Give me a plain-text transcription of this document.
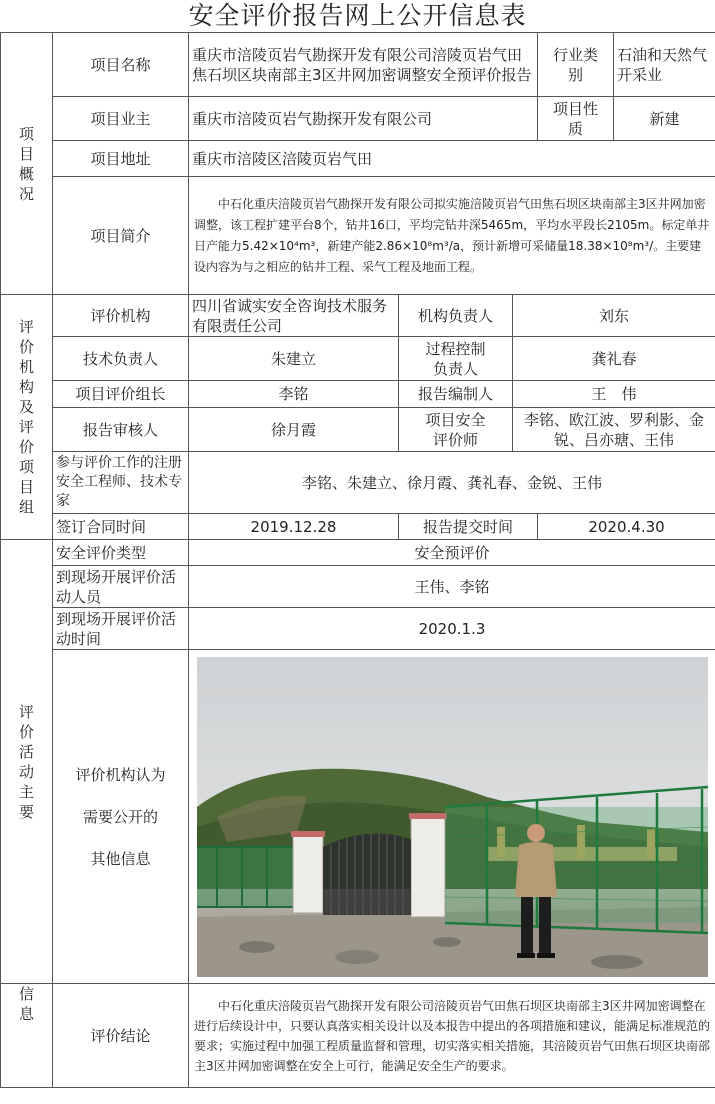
安全评价报告网上公开信息表
项目概况	项目名称	重庆市涪陵页岩气勘探开发有限公司涪陵页岩气田焦石坝区块南部主3区井网加密调整安全预评价报告			行业类别	石油和天然气开采业
	项目业主	重庆市涪陵页岩气勘探开发有限公司			项目性质	新建
	项目地址	重庆市涪陵区涪陵页岩气田				
	项目简介	中石化重庆涪陵页岩气勘探开发有限公司拟实施涪陵页岩气田焦石坝区块南部主3区井网加密调整，该工程扩建平台8个，钻井16口，平均完钻井深5465m，平均水平段长2105m。标定单井日产能力5.42×10⁴m³，新建产能2.86×10⁸m³/a，预计新增可采储量18.38×10⁸m³/。主要建设内容为与之相应的钻井工程、采气工程及地面工程。				

评价机构及评价项目组	评价机构	四川省诚实安全咨询技术服务有限责任公司	机构负责人	刘东		
	技术负责人	朱建立	过程控制负责人	龚礼春		
	项目评价组长	李铭	报告编制人	王　伟		
	报告审核人	徐月霞	项目安全评价师	李铭、欧江波、罗利影、金锐、吕亦瑭、王伟		
	参与评价工作的注册安全工程师、技术专家	李铭、朱建立、徐月霞、龚礼春、金锐、王伟				
	签订合同时间	2019.12.28	报告提交时间		2020.4.30	

评价活动主要	安全评价类型	安全预评价				
	到现场开展评价活动人员	王伟、李铭				
	到现场开展评价活动时间	2020.1.3				

	评价机构认为
需要公开的
其他信息

信息	评价结论	中石化重庆涪陵页岩气勘探开发有限公司涪陵页岩气田焦石坝区块南部主3区井网加密调整在进行后续设计中，只要认真落实相关设计以及本报告中提出的各项措施和建议，能满足标准规范的要求；实施过程中加强工程质量监督和管理，切实落实相关措施，其涪陵页岩气田焦石坝区块南部主3区井网加密调整在安全上可行，能满足安全生产的要求。				
